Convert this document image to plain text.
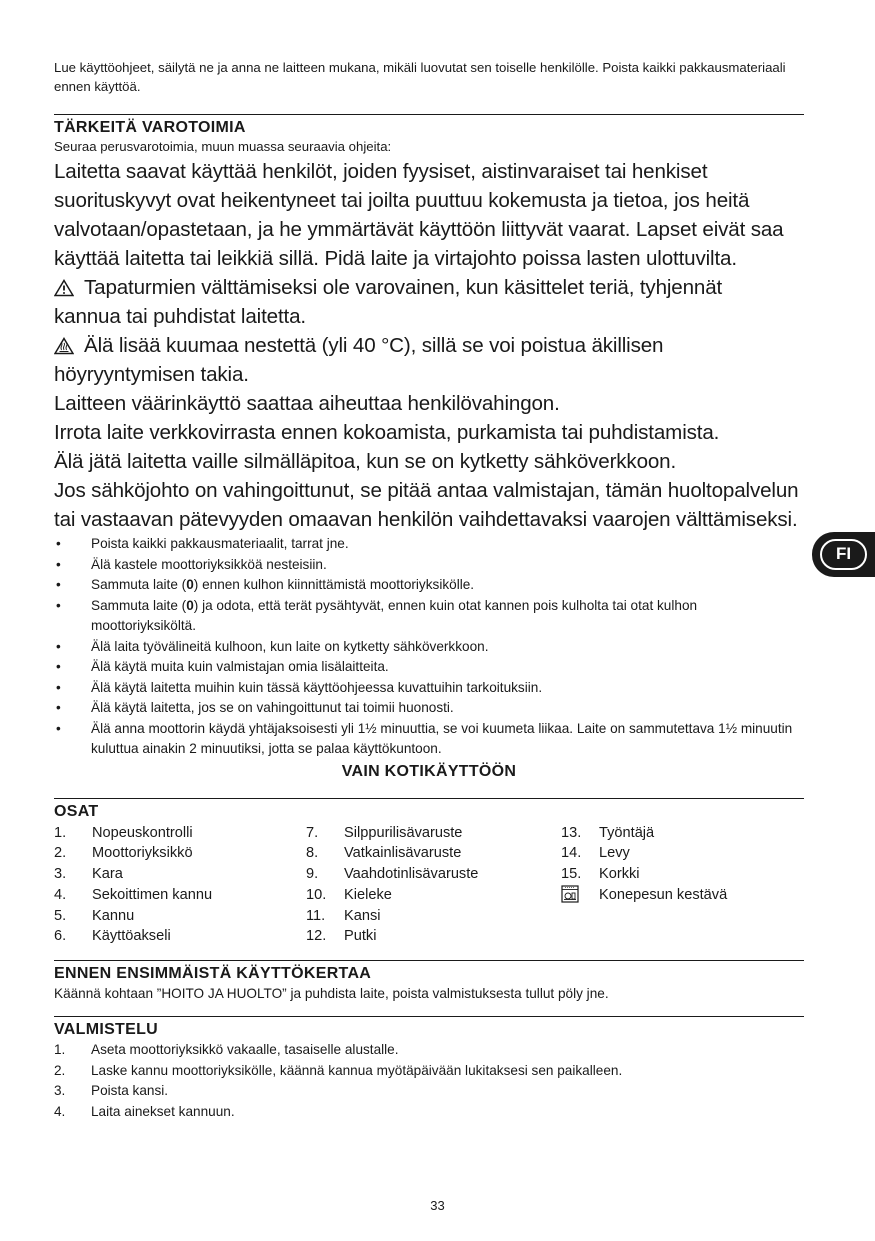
Lue käyttöohjeet, säilytä ne ja anna ne laitteen mukana, mikäli luovutat sen toiselle henkilölle. Poista kaikki pakkausmateriaali ennen käyttöä.

TÄRKEITÄ VAROTOIMIA

Seuraa perusvarotoimia, muun muassa seuraavia ohjeita:

Laitetta saavat käyttää henkilöt, joiden fyysiset, aistinvaraiset tai henkiset suorituskyvyt ovat heikentyneet tai joilta puuttuu kokemusta ja tietoa, jos heitä valvotaan/opastetaan, ja he ymmärtävät käyttöön liittyvät vaarat. Lapset eivät saa käyttää laitetta tai leikkiä sillä. Pidä laite ja virtajohto poissa lasten ulottuvilta.

Tapaturmien välttämiseksi ole varovainen, kun käsittelet teriä, tyhjennät

kannua tai puhdistat laitetta.

Älä lisää kuumaa nestettä (yli 40 °C), sillä se voi poistua äkillisen

höyryyntymisen takia.

Laitteen väärinkäyttö saattaa aiheuttaa henkilövahingon.

Irrota laite verkkovirrasta ennen kokoamista, purkamista tai puhdistamista.

Älä jätä laitetta vaille silmälläpitoa, kun se on kytketty sähköverkkoon.

Jos sähköjohto on vahingoittunut, se pitää antaa valmistajan, tämän huoltopalvelun tai vastaavan pätevyyden omaavan henkilön vaihdettavaksi vaarojen välttämiseksi.

• Poista kaikki pakkausmateriaalit, tarrat jne.
• Älä kastele moottoriyksikköä nesteisiin.
• Sammuta laite (0) ennen kulhon kiinnittämistä moottoriyksikölle.
• Sammuta laite (0) ja odota, että terät pysähtyvät, ennen kuin otat kannen pois kulholta tai otat kulhon moottoriyksiköltä.
• Älä laita työvälineitä kulhoon, kun laite on kytketty sähköverkkoon.
• Älä käytä muita kuin valmistajan omia lisälaitteita.
• Älä käytä laitetta muihin kuin tässä käyttöohjeessa kuvattuihin tarkoituksiin.
• Älä käytä laitetta, jos se on vahingoittunut tai toimii huonosti.
• Älä anna moottorin käydä yhtäjaksoisesti yli 1½ minuuttia, se voi kuumeta liikaa. Laite on sammutettava 1½ minuutin kuluttua ainakin 2 minuutiksi, jotta se palaa käyttökuntoon.

VAIN KOTIKÄYTTÖÖN

OSAT
1.	Nopeuskontrolli
2.	Moottoriyksikkö
3.	Kara
4.	Sekoittimen kannu
5.	Kannu
6.	Käyttöakseli
7.	Silppurilisävaruste
8.	Vatkainlisävaruste
9.	Vaahdotinlisävaruste
10.	Kieleke
11.	Kansi
12.	Putki
13.	Työntäjä
14.	Levy
15.	Korkki
Konepesun kestävä
ENNEN ENSIMMÄISTÄ KÄYTTÖKERTAA

Käännä kohtaan ”HOITO JA HUOLTO” ja puhdista laite, poista valmistuksesta tullut pöly jne.

VALMISTELU
1.	Aseta moottoriyksikkö vakaalle, tasaiselle alustalle.
2.	Laske kannu moottoriyksikölle, käännä kannua myötäpäivään lukitaksesi sen paikalleen.
3.	Poista kansi.
4.	Laita ainekset kannuun.
FI
33
